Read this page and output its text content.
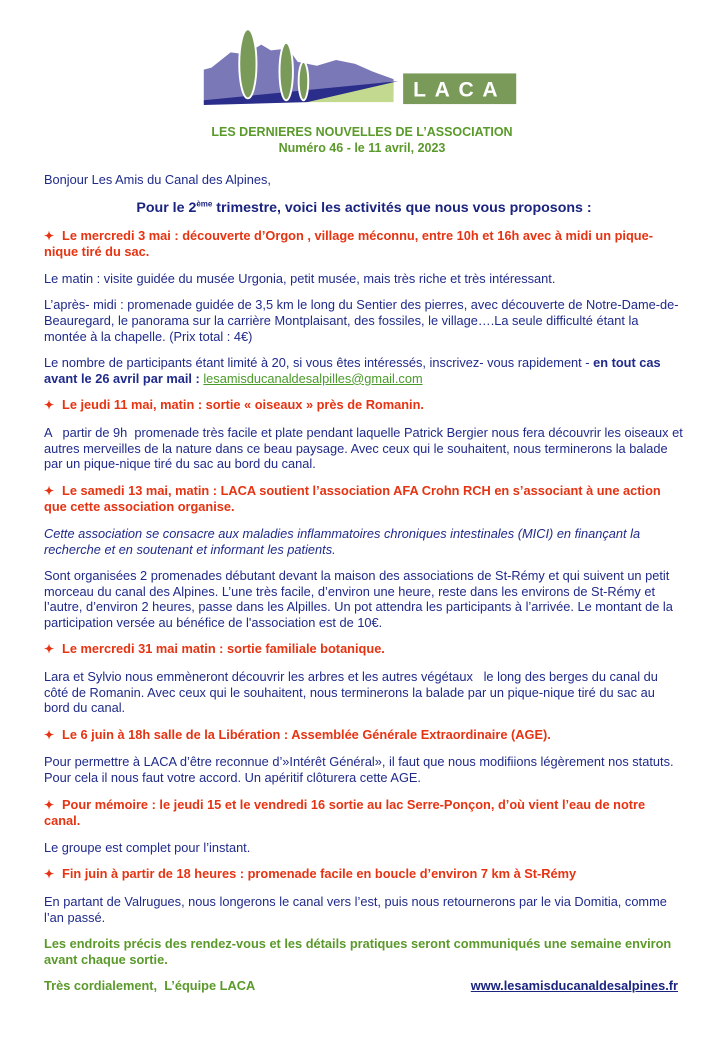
LACA
LES DERNIERES NOUVELLES DE L’ASSOCIATION
Numéro 46 - le 11 avril, 2023

Bonjour Les Amis du Canal des Alpines,

Pour le 2ème trimestre, voici les activités que nous vous proposons :

✦ Le mercredi 3 mai : découverte d’Orgon , village méconnu, entre 10h et 16h avec à midi un pique-nique tiré du sac.

Le matin : visite guidée du musée Urgonia, petit musée, mais très riche et très intéressant.

L’après- midi : promenade guidée de 3,5 km le long du Sentier des pierres, avec découverte de Notre-Dame-de-Beauregard, le panorama sur la carrière Montplaisant, des fossiles, le village….La seule difficulté étant la montée à la chapelle. (Prix total : 4€)

Le nombre de participants étant limité à 20, si vous êtes intéressés, inscrivez- vous rapidement - en tout cas avant le 26 avril par mail : lesamisducanaldesalpilles@gmail.com

✦ Le jeudi 11 mai, matin : sortie « oiseaux » près de Romanin.

A   partir de 9h  promenade très facile et plate pendant laquelle Patrick Bergier nous fera découvrir les oiseaux et autres merveilles de la nature dans ce beau paysage. Avec ceux qui le souhaitent, nous terminerons la balade par un pique-nique tiré du sac au bord du canal.

✦ Le samedi 13 mai, matin : LACA soutient l’association AFA Crohn RCH en s’associant à une action que cette association organise.

Cette association se consacre aux maladies inflammatoires chroniques intestinales (MICI) en finançant la recherche et en soutenant et informant les patients.

Sont organisées 2 promenades débutant devant la maison des associations de St-Rémy et qui suivent un petit morceau du canal des Alpines. L’une très facile, d’environ une heure, reste dans les environs de St-Rémy et l’autre, d’environ 2 heures, passe dans les Alpilles. Un pot attendra les participants à l’arrivée. Le montant de la participation versée au bénéfice de l'association est de 10€.

✦ Le mercredi 31 mai matin : sortie familiale botanique.

Lara et Sylvio nous emmèneront découvrir les arbres et les autres végétaux   le long des berges du canal du côté de Romanin. Avec ceux qui le souhaitent, nous terminerons la balade par un pique-nique tiré du sac au bord du canal.

✦ Le 6 juin à 18h salle de la Libération : Assemblée Générale Extraordinaire (AGE).

Pour permettre à LACA d’être reconnue d’»Intérêt Général», il faut que nous modifiions légèrement nos statuts. Pour cela il nous faut votre accord. Un apéritif clôturera cette AGE.

✦ Pour mémoire : le jeudi 15 et le vendredi 16 sortie au lac Serre-Ponçon, d’où vient l’eau de notre canal.

Le groupe est complet pour l’instant.

✦ Fin juin à partir de 18 heures : promenade facile en boucle d’environ 7 km à St-Rémy

En partant de Valrugues, nous longerons le canal vers l’est, puis nous retournerons par le via Domitia, comme l’an passé.

Les endroits précis des rendez-vous et les détails pratiques seront communiqués une semaine environ avant chaque sortie.

Très cordialement,  L’équipe LACA	www.lesamisducanaldesalpines.fr
